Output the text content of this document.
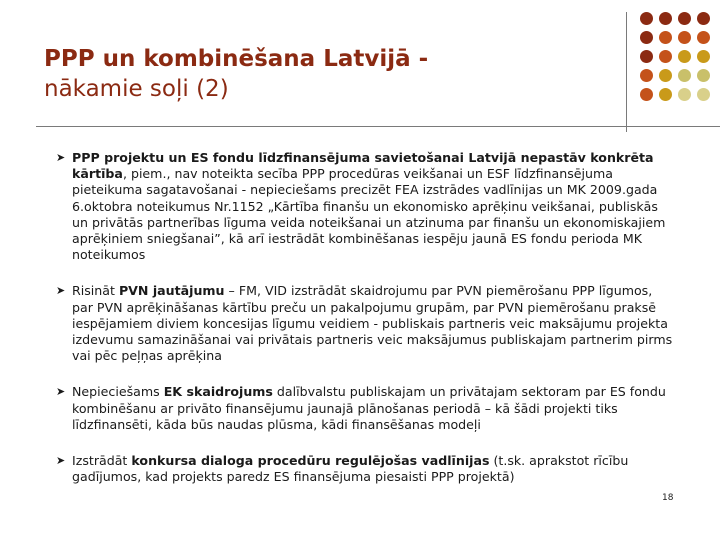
PPP un kombinēšana Latvijā -
nākamie soļi (2)
➤ PPP projektu un ES fondu līdzfinansējuma savietošanai Latvijā nepastāv konkrēta kārtība, piem., nav noteikta secība PPP procedūras veikšanai un ESF līdzfinansējuma pieteikuma sagatavošanai - nepieciešams precizēt FEA izstrādes vadlīnijas un MK 2009.gada 6.oktobra noteikumus Nr.1152 „Kārtība finanšu un ekonomisko aprēķinu veikšanai, publiskās un privātās partnerības līguma veida noteikšanai un atzinuma par finanšu un ekonomiskajiem aprēķiniem sniegšanai”, kā arī iestrādāt kombinēšanas iespēju jaunā ES fondu perioda MK noteikumos
➤ Risināt PVN jautājumu – FM, VID izstrādāt skaidrojumu par PVN piemērošanu PPP līgumos, par PVN aprēķināšanas kārtību preču un pakalpojumu grupām, par PVN piemērošanu praksē iespējamiem diviem koncesijas līgumu veidiem - publiskais partneris veic maksājumu projekta izdevumu samazināšanai vai privātais partneris veic maksājumus publiskajam partnerim pirms vai pēc peļņas aprēķina
➤ Nepieciešams EK skaidrojums dalībvalstu publiskajam un privātajam sektoram par ES fondu kombinēšanu ar privāto finansējumu jaunajā plānošanas periodā – kā šādi projekti tiks līdzfinansēti, kāda būs naudas plūsma, kādi finansēšanas modeļi
➤ Izstrādāt konkursa dialoga procedūru regulējošas vadlīnijas (t.sk. aprakstot rīcību gadījumos, kad projekts paredz ES finansējuma piesaisti PPP projektā)
18
